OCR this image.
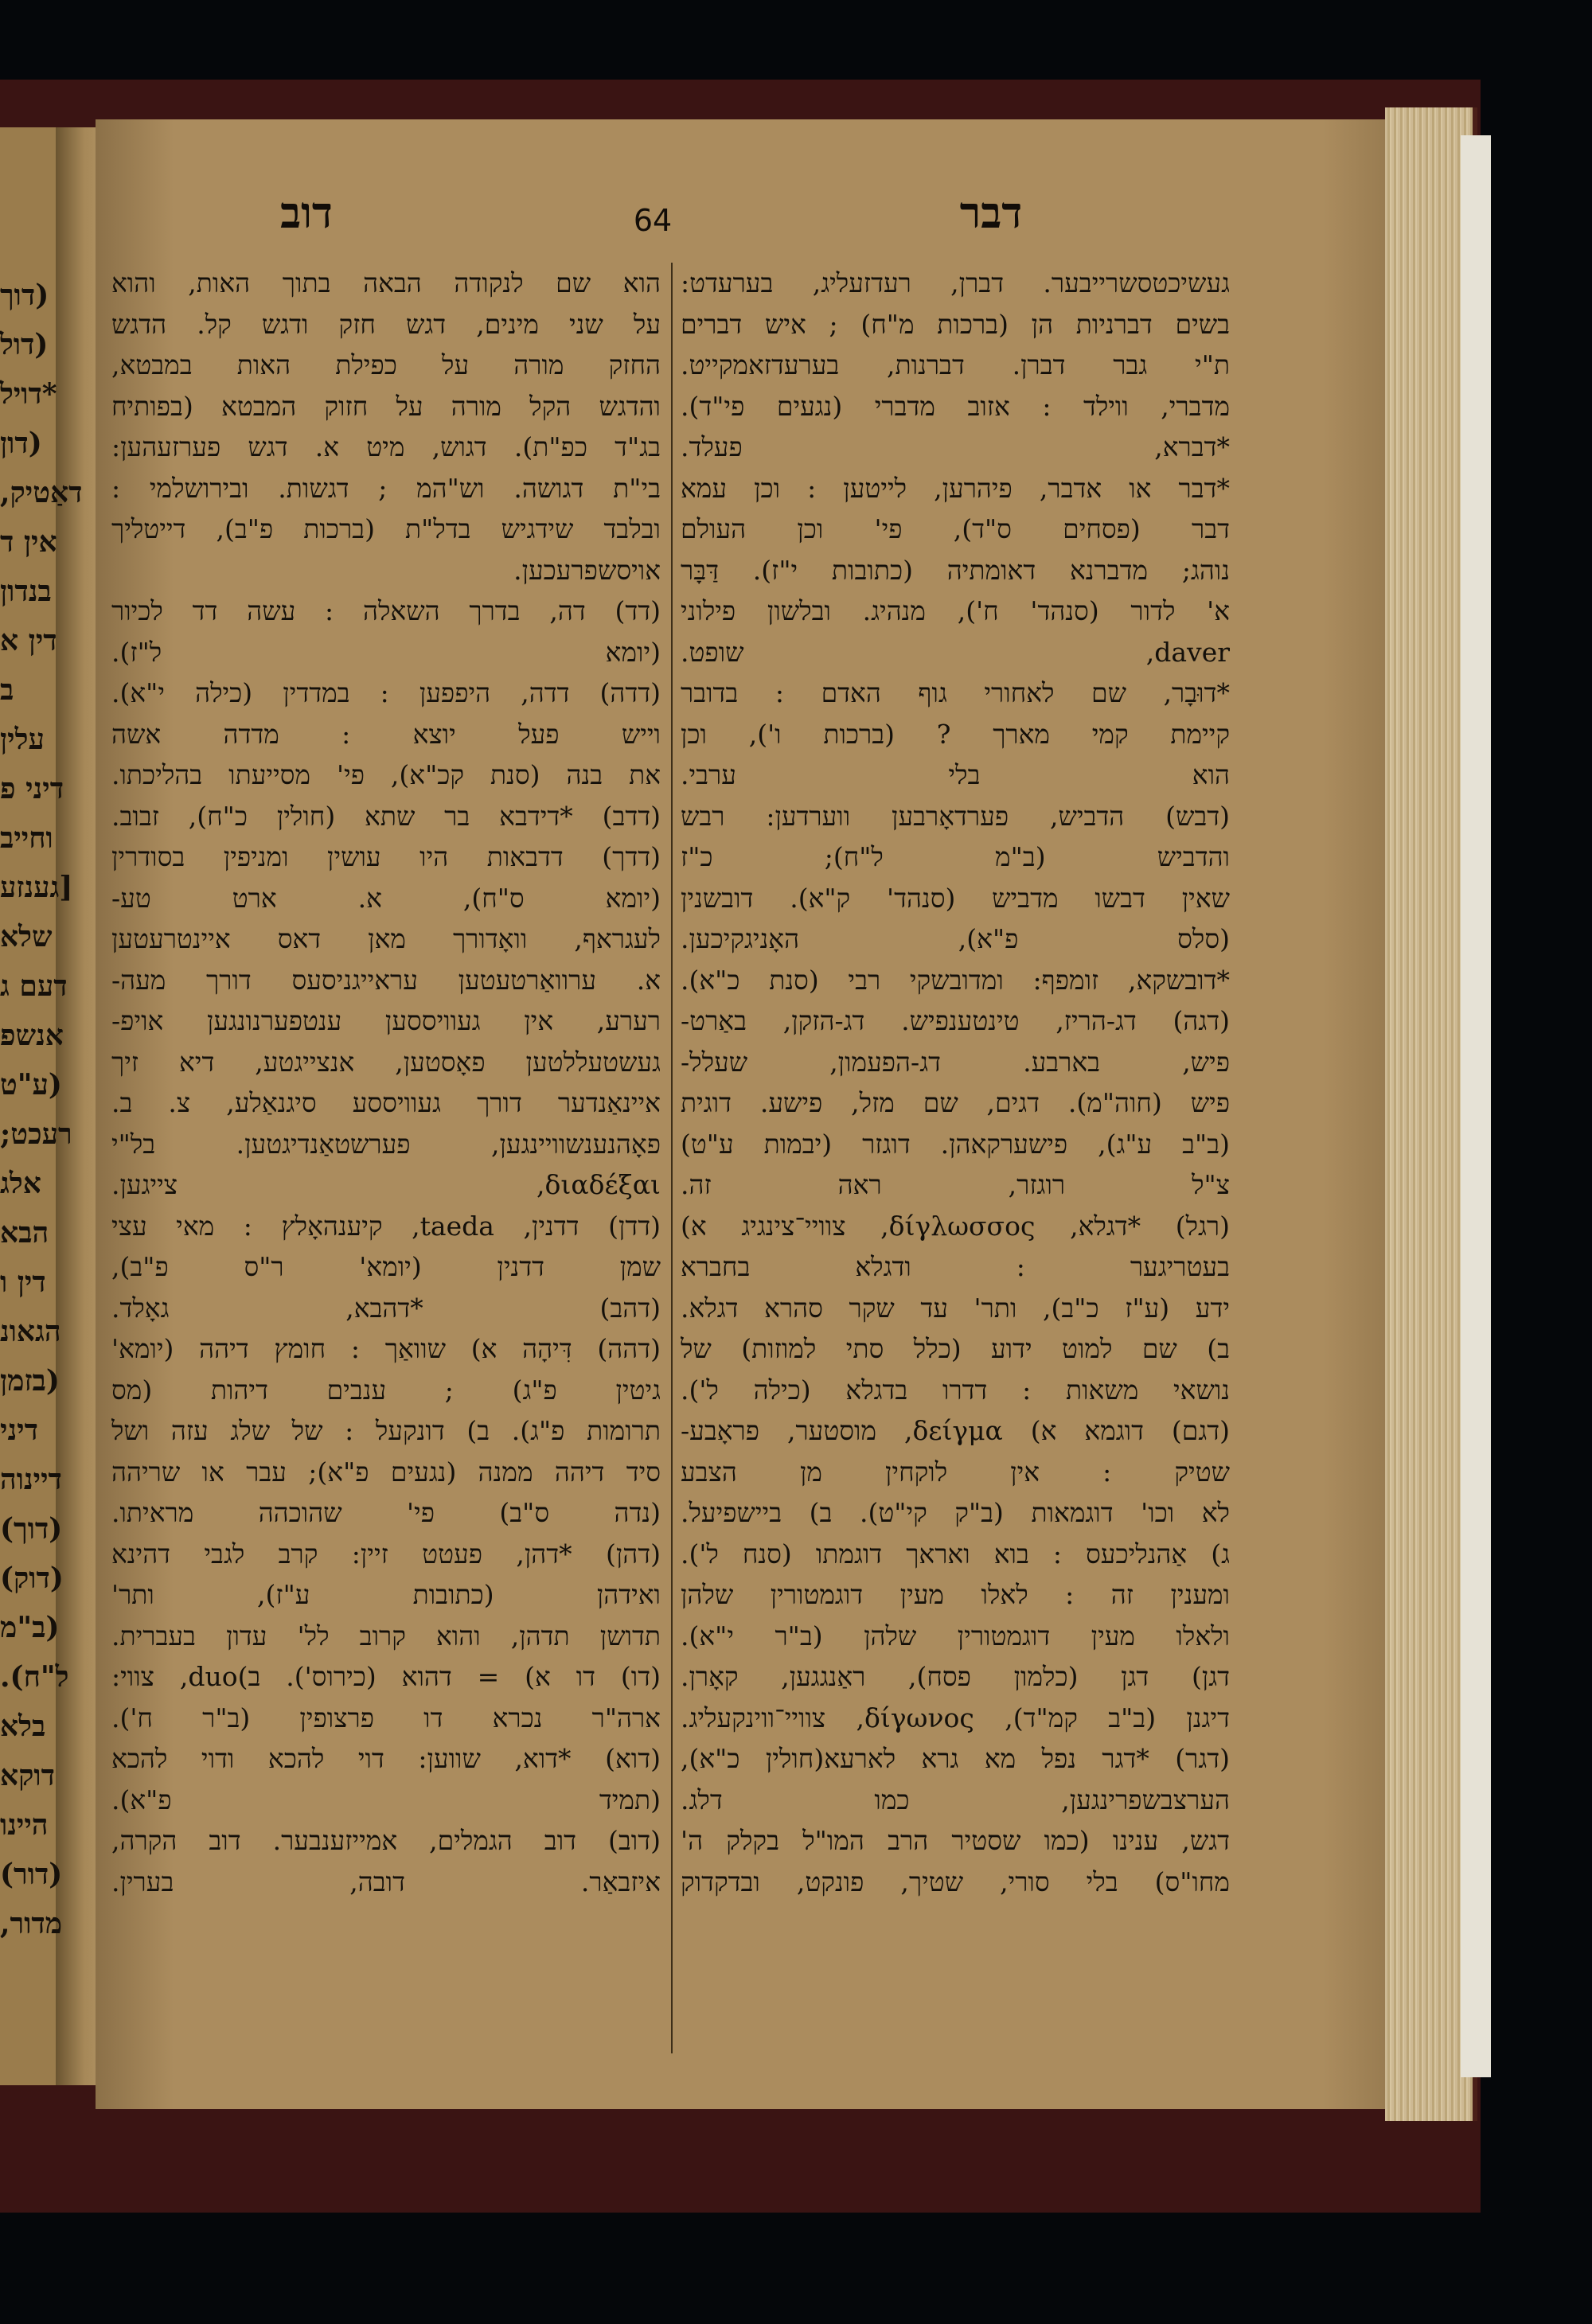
(דוך
(דול
*דויל
(דון
דאַטיק,
אין ד
בנדון
דין א
ב
עלין
דיני פ
וחייב
[גענזע
שלא
דעם ג
אנשפ
(ע"ט
רעכט;
אלג
הבא
דין ו
הגאונ
(בזמן
דיני
דיינוה
(דוך)
(דוק)
(ב"מ
ל"ח).
בלא
דוקא
היינו
(דור)
מדור,
דבר
64
דוב
געשיכטסשרייבער. דברן, רעדזעליג, בערעדט:
בשים דברניות הן (ברכות מ"ח) ; איש דברים
ת"י גבר דברן. דברנות, בערעדזאמקייט.
מדברי, ווילד : אזוב מדברי (נגעים פי"ד).
*דברא, פעלד.
*דבר או אדבר, פיהרען, לייטען : וכן עמא
דבר (פסחים ס"ד), פי' וכן העולם
נוהג; מדברנא דאומתיה (כתובות י"ז). דַּבָּר
א' לדור (סנהד' ח'), מנהיג. ובלשון פילוני
daver, שופט.
*דוּבָר, שם לאחורי גוף האדם : בדובר
קיימת קמי מארך ? (ברכות ו'), וכן
הוא בלי ערבי.
(דבש) הדביש, פערדאָרבען ווערדען: רבש
והדביש (ב"מ ל"ח); כ"ז
שאין דבשו מדביש (סנהד' ק"א). דובשנין
(סלס פ"א), האָניגקיכען.
*דובשקא, זומפף: ומדובשקי רבי (סנת כ"א).
(דגה) דג-הריז, טינטענפיש. דג-הזקן, באַרט-
פיש, בארבע. דג-הפעמון, שעלל-
פיש (חוה"מ). דגים, שם מזל, פישע. דוגית
(ב"ב ע"ג), פישערקאהן. דוגזר (יבמות ע"ט)
צ"ל רוגזר, ראה זה.
(רגל) *דגלא, δίγλωσσος, צוויי־צינגיג א)
בעטריגער : ודגלא בחברא
ידע (ע"ז כ"ב), ותר' עד שקר סהרא דגלא.
ב) שם למוט ידוע (כלל סתי למוזות) של
נושאי משאות : דדרו בדגלא (כילה ל').
(דגם) דוגמא א) δείγμα, מוסטער, פראָבע-
שטיק : אין לוקחין מן הצבע
לא וכו' דוגמאות (ב"ק קי"ט). ב) ביישפיעל.
ג) אַהנליכעס : בוא ואראך דוגמתו (סנח ל').
ומענין זה : לאלו מעין דוגמטורין שלהן
ולאלו מעין דוגמטורין שלהן (ב"ר י"א).
דגן) דגן (כלמון פסח), ראַנגגען, קאָרן.
דיגנן (ב"ב קמ"ד), δίγωνος, צוויי־ווינקעליג.
(דגר) *דגר נפל מא גרא לארעא(חולין כ"א),
הערצבשפרינגען, כמו דלג.
דגש, ענינו (כמו שסטיר הרב המו"ל בקלק ה'
מחו"ס) בלי סורי, שטיך, פונקט, ובדקדוק
הוא שם לנקודה הבאה בתוך האות, והוא
על שני מינים, דגש חזק ודגש קל. הדגש
החזק מורה על כפילת האות במבטא,
והדגש הקל מורה על חזוק המבטא (בפותיח
בג"ד כפ"ת). דגוש, מיט א. דגש פערזעהען:
בי"ת דגושה. וש"המ ; דגשות. ובירושלמי :
ובלבד שידגיש בדל"ת (ברכות פ"ב), דייטליך
אויסשפרעכען.
(דד) דה, בדרך השאלה : עשה דד לכיור
(יומא ל"ז).
(דדה) דדה, היפפען : במדדין (כילה י"א).
וייש פעל יוצא : מדדה אשה
את בנה (סנת קכ"א), פי' מסייעתו בהליכתו.
(דדב) *דידבא בר שתא (חולין כ"ח), זבוב.
(דדך) דדבאות היו עושין ומניפין בסודרין
(יומא ס"ח), א. ארט טע-
לעגראף, וואָדורך מאן דאס איינטרעטען
א. ערוואַרטעטען עראייגניסעס דורך מעה-
רערע, אין געוויססען ענטפערנונגען אויפ-
געשטעללטען פאָסטען, אנצייגטע, דיא זיך
איינאַנדער דורך געוויססע סיגנאַלע, צ. ב.
פאָהנענשוויינגען, פערשטאַנדיגטען. בל"י
διαδέξαι, צייגען.
(דדן) דדנין, taeda, קיענהאָלץ : מאי עצי
שמן דדנין (יומא' ר"ס פ"ב),
(דהב) *דהבא, גאָלד.
(דהה) דִּיהָה א) שוואַך : חומץ דיהה (יומא'
גיטין פ"ג) ; ענבים דיהות (מס
תרומות פ"ג). ב) דונקעל : של שלג עזה ושל
סיד דיהה ממנה (נגעים פ"א); עבר או שריהה
(נדה ס"ב) פי' שהוכהה מראיתו.
(דהן) *דהן, פעטט זיין: קרב לגבי דהינא
ואידהן (כתובות ע"ז), ותר'
תדושן תדהן, והוא קרוב לל' עדון בעברית.
(דו) דו א) = דהוא (כירוס'). ב)duo, צווי:
ארה"ר נכרא דו פרצופין (ב"ר ח').
(דוא) *דוא, שווען: דוי להכא ודוי להכא
(תמיד פ"א).
(דוב) דוב הגמלים, אמייזענבער. דוב הקרה,
איזבאַר. דובה, בערין.
